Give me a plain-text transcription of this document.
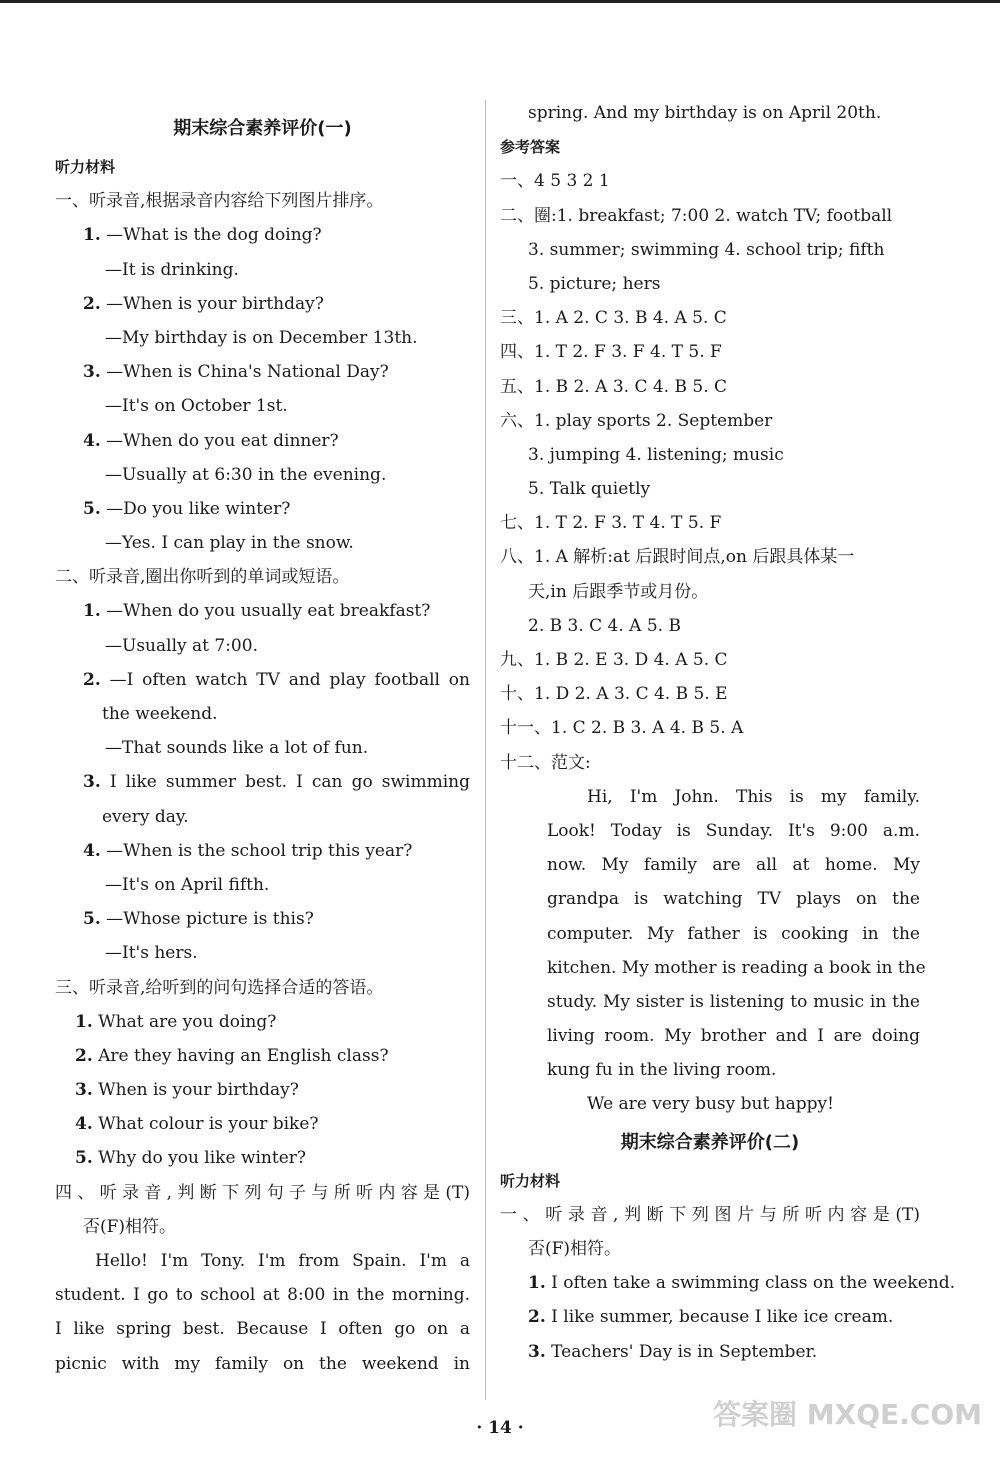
期末综合素养评价(一)
听力材料
一、听录音,根据录音内容给下列图片排序。
1. —What is the dog doing?
—It is drinking.
2. —When is your birthday?
—My birthday is on December 13th.
3. —When is China's National Day?
—It's on October 1st.
4. —When do you eat dinner?
—Usually at 6:30 in the evening.
5. —Do you like winter?
—Yes. I can play in the snow.
二、听录音,圈出你听到的单词或短语。
1. —When do you usually eat breakfast?
—Usually at 7:00.
2. —I often watch TV and play football on
the weekend.
—That sounds like a lot of fun.
3. I like summer best. I can go swimming
every day.
4. —When is the school trip this year?
—It's on April fifth.
5. —Whose picture is this?
—It's hers.
三、听录音,给听到的问句选择合适的答语。
1. What are you doing?
2. Are they having an English class?
3. When is your birthday?
4. What colour is your bike?
5. Why do you like winter?
四、听录音,判断下列句子与所听内容是(T)
否(F)相符。
Hello! I'm Tony. I'm from Spain. I'm a
student. I go to school at 8:00 in the morning.
I like spring best. Because I often go on a
picnic with my family on the weekend in
spring. And my birthday is on April 20th.
参考答案
一、4 5 3 2 1
二、圈:1. breakfast; 7:00 2. watch TV; football
3. summer; swimming 4. school trip; fifth
5. picture; hers
三、1. A 2. C 3. B 4. A 5. C
四、1. T 2. F 3. F 4. T 5. F
五、1. B 2. A 3. C 4. B 5. C
六、1. play sports 2. September
3. jumping 4. listening; music
5. Talk quietly
七、1. T 2. F 3. T 4. T 5. F
八、1. A 解析:at 后跟时间点,on 后跟具体某一
天,in 后跟季节或月份。
2. B 3. C 4. A 5. B
九、1. B 2. E 3. D 4. A 5. C
十、1. D 2. A 3. C 4. B 5. E
十一、1. C 2. B 3. A 4. B 5. A
十二、范文:
Hi, I'm John. This is my family.
Look! Today is Sunday. It's 9:00 a.m.
now. My family are all at home. My
grandpa is watching TV plays on the
computer. My father is cooking in the
kitchen. My mother is reading a book in the
study. My sister is listening to music in the
living room. My brother and I are doing
kung fu in the living room.
We are very busy but happy!
期末综合素养评价(二)
听力材料
一、听录音,判断下列图片与所听内容是(T)
否(F)相符。
1. I often take a swimming class on the weekend.
2. I like summer, because I like ice cream.
3. Teachers' Day is in September.
· 14 ·	答案圈 MXQE.COM
